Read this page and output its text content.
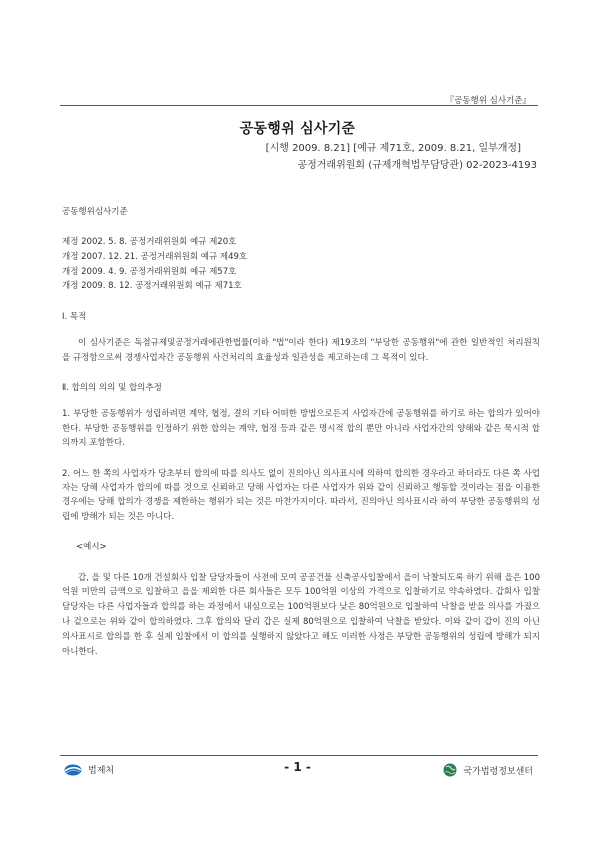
『공동행위 심사기준』
공동행위 심사기준
[시행 2009. 8.21] [예규 제71호, 2009. 8.21, 일부개정]
공정거래위원회 (규제개혁법무담당관) 02-2023-4193

공동행위심사기준

제정 2002. 5. 8. 공정거래위원회 예규 제20호

개정 2007. 12. 21. 공정거래위원회 예규 제49호

개정 2009. 4. 9. 공정거래위원회 예규 제57호

개정 2009. 8. 12. 공정거래위원회 예규 제71호

Ⅰ. 목적

이 심사기준은 독점규제및공정거래에관한법률(이하 "법"이라 한다) 제19조의 "부당한 공동행위"에 관한 일반적인 처리원칙을 규정함으로써 경쟁사업자간 공동행위 사건처리의 효율성과 일관성을 제고하는데 그 목적이 있다.

Ⅱ. 합의의 의의 및 합의추정

1. 부당한 공동행위가 성립하려면 계약, 협정, 결의 기타 어떠한 방법으로든지 사업자간에 공동행위를 하기로 하는 합의가 있어야 한다. 부당한 공동행위를 인정하기 위한 합의는 계약, 협정 등과 같은 명시적 합의 뿐만 아니라 사업자간의 양해와 같은 묵시적 합의까지 포함한다.

2. 어느 한 쪽의 사업자가 당초부터 합의에 따를 의사도 없이 진의아닌 의사표시에 의하여 합의한 경우라고 하더라도 다른 쪽 사업자는 당해 사업자가 합의에 따를 것으로 신뢰하고 당해 사업자는 다른 사업자가 위와 같이 신뢰하고 행동할 것이라는 점을 이용한 경우에는 당해 합의가 경쟁을 제한하는 행위가 되는 것은 마찬가지이다. 따라서, 진의아닌 의사표시라 하여 부당한 공동행위의 성립에 방해가 되는 것은 아니다.

<예시>

갑, 을 및 다른 10개 건설회사 입찰 담당자들이 사전에 모여 공공건물 신축공사입찰에서 을이 낙찰되도록 하기 위해 을은 100억원 미만의 금액으로 입찰하고 을을 제외한 다른 회사들은 모두 100억원 이상의 가격으로 입찰하기로 약속하였다. 갑회사 입찰 담당자는 다른 사업자들과 합의를 하는 과정에서 내심으로는 100억원보다 낮은 80억원으로 입찰하여 낙찰을 받을 의사를 가졌으나 겉으로는 위와 같이 합의하였다. 그후 합의와 달리 갑은 실제 80억원으로 입찰하여 낙찰을 받았다. 이와 같이 갑이 진의 아닌 의사표시로 합의를 한 후 실제 입찰에서 이 합의를 실행하지 않았다고 해도 이러한 사정은 부당한 공동행위의 성립에 방해가 되지 아니한다.

법제처	- 1 -	국가법령정보센터
